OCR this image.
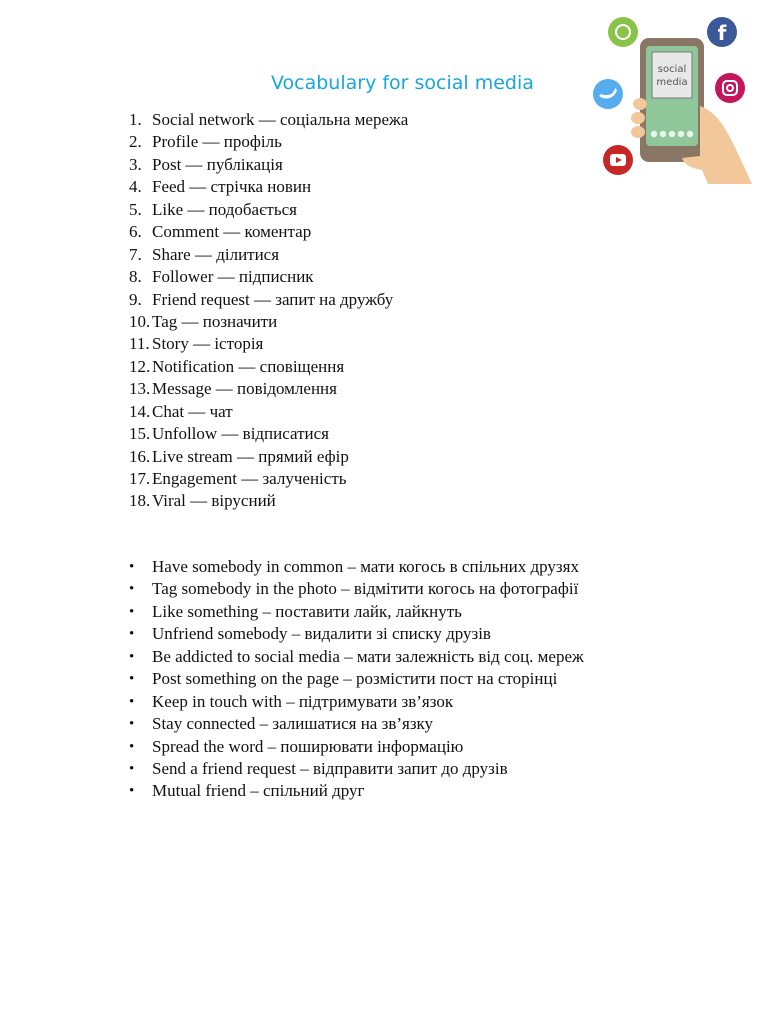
Vocabulary for social media
social
media
f
1. Social network — соціальна мережа
2. Profile — профіль
3. Post — публікація
4. Feed — стрічка новин
5. Like — подобається
6. Comment — коментар
7. Share — ділитися
8. Follower — підписник
9. Friend request — запит на дружбу
10. Tag — позначити
11. Story — історія
12. Notification — сповіщення
13. Message — повідомлення
14. Chat — чат
15. Unfollow — відписатися
16. Live stream — прямий ефір
17. Engagement — залученість
18. Viral — вірусний
• Have somebody in common – мати когось в спільних друзях
• Tag somebody in the photo – відмітити когось на фотографії
• Like something – поставити лайк, лайкнуть
• Unfriend somebody – видалити зі списку друзів
• Be addicted to social media – мати залежність від соц. мереж
• Post something on the page – розмістити пост на сторінці
• Keep in touch with – підтримувати зв’язок
• Stay connected – залишатися на зв’язку
• Spread the word – поширювати інформацію
• Send a friend request – відправити запит до друзів
• Mutual friend – спільний друг
